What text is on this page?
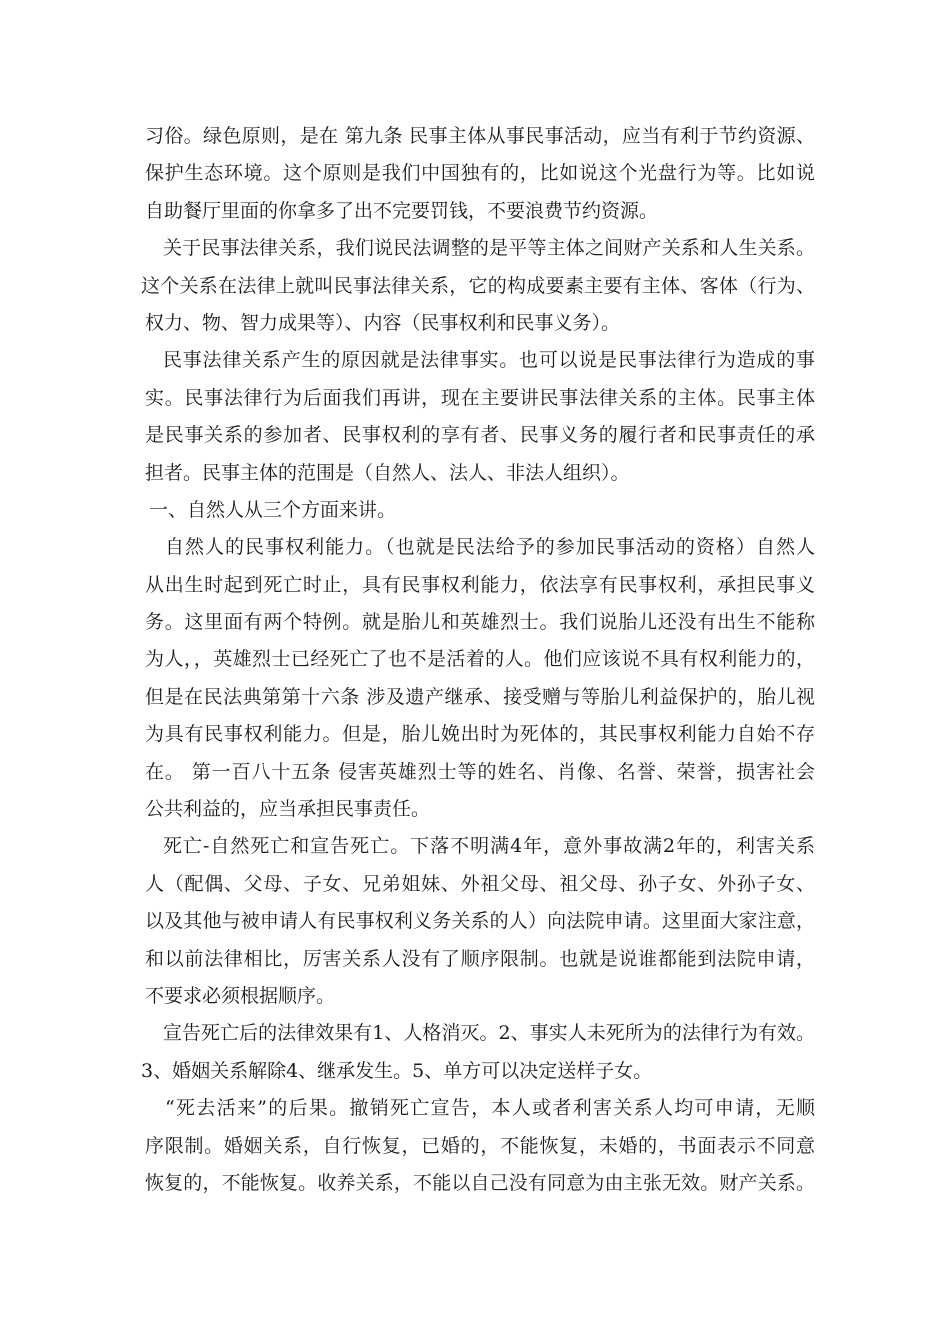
习俗。绿色原则，是在 第九条 民事主体从事民事活动，应当有利于节约资源、
保护生态环境。这个原则是我们中国独有的，比如说这个光盘行为等。比如说
自助餐厅里面的你拿多了出不完要罚钱，不要浪费节约资源。
关于民事法律关系，我们说民法调整的是平等主体之间财产关系和人生关系。
这个关系在法律上就叫民事法律关系，它的构成要素主要有主体、客体（行为、
权力、物、智力成果等）、内容（民事权利和民事义务）。
民事法律关系产生的原因就是法律事实。也可以说是民事法律行为造成的事
实。民事法律行为后面我们再讲，现在主要讲民事法律关系的主体。民事主体
是民事关系的参加者、民事权利的享有者、民事义务的履行者和民事责任的承
担者。民事主体的范围是（自然人、法人、非法人组织）。
一、自然人从三个方面来讲。
自然人的民事权利能力。（也就是民法给予的参加民事活动的资格）自然人
从出生时起到死亡时止，具有民事权利能力，依法享有民事权利，承担民事义
务。这里面有两个特例。就是胎儿和英雄烈士。我们说胎儿还没有出生不能称
为人，，英雄烈士已经死亡了也不是活着的人。他们应该说不具有权利能力的，
但是在民法典第第十六条 涉及遗产继承、接受赠与等胎儿利益保护的，胎儿视
为具有民事权利能力。但是，胎儿娩出时为死体的，其民事权利能力自始不存
在。 第一百八十五条 侵害英雄烈士等的姓名、肖像、名誉、荣誉，损害社会
公共利益的，应当承担民事责任。
死亡-自然死亡和宣告死亡。下落不明满4年，意外事故满2年的，利害关系
人（配偶、父母、子女、兄弟姐妹、外祖父母、祖父母、孙子女、外孙子女、
以及其他与被申请人有民事权利义务关系的人）向法院申请。这里面大家注意，
和以前法律相比，厉害关系人没有了顺序限制。也就是说谁都能到法院申请，
不要求必须根据顺序。
宣告死亡后的法律效果有1、人格消灭。2、事实人未死所为的法律行为有效。
3、婚姻关系解除4、继承发生。5、单方可以决定送样子女。
“死去活来”的后果。撤销死亡宣告，本人或者利害关系人均可申请，无顺
序限制。婚姻关系，自行恢复，已婚的，不能恢复，未婚的，书面表示不同意
恢复的，不能恢复。收养关系，不能以自己没有同意为由主张无效。财产关系。
